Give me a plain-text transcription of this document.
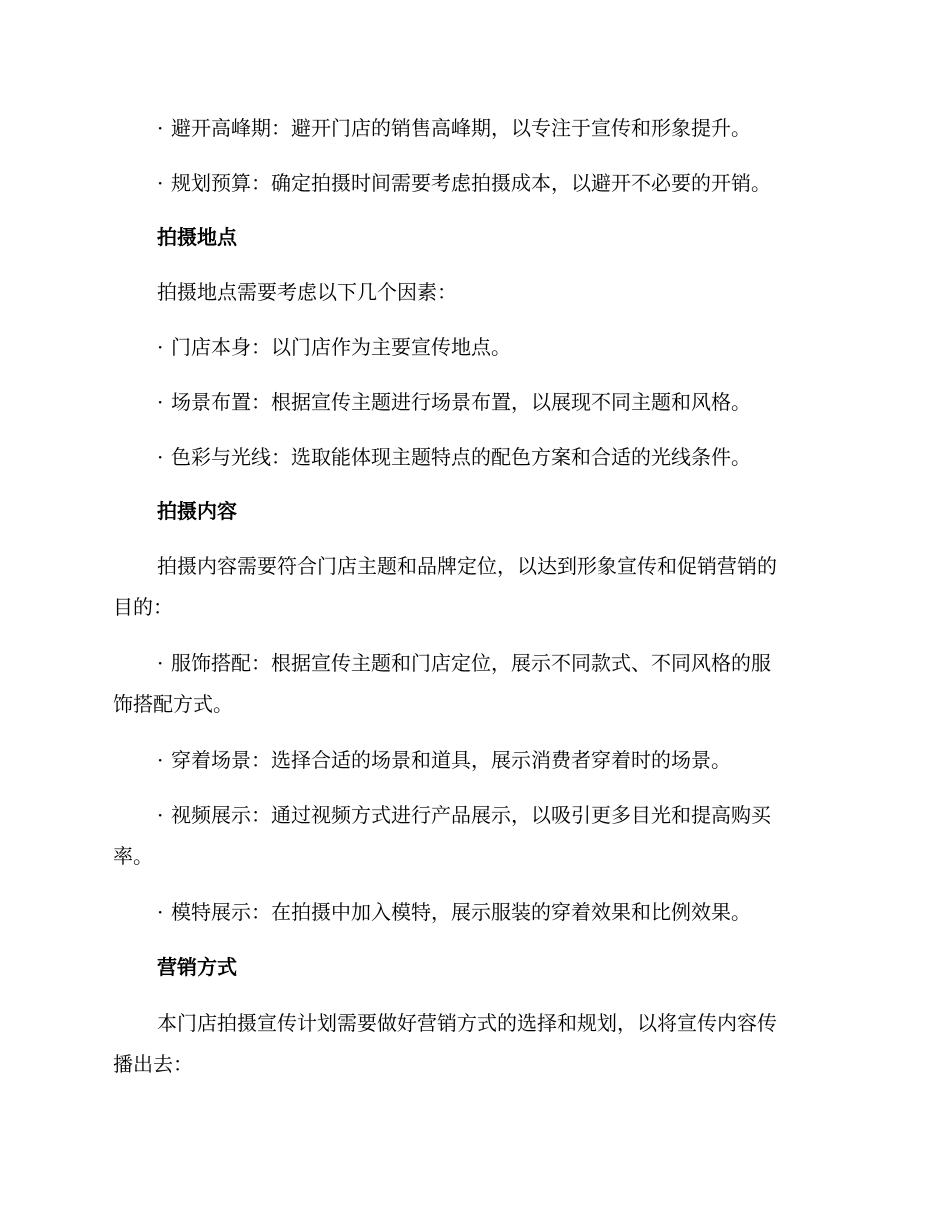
· 避开高峰期：避开门店的销售高峰期，以专注于宣传和形象提升。
· 规划预算：确定拍摄时间需要考虑拍摄成本，以避开不必要的开销。
拍摄地点
拍摄地点需要考虑以下几个因素：
· 门店本身：以门店作为主要宣传地点。
· 场景布置：根据宣传主题进行场景布置，以展现不同主题和风格。
· 色彩与光线：选取能体现主题特点的配色方案和合适的光线条件。
拍摄内容
拍摄内容需要符合门店主题和品牌定位，以达到形象宣传和促销营销的
目的：
· 服饰搭配：根据宣传主题和门店定位，展示不同款式、不同风格的服
饰搭配方式。
· 穿着场景：选择合适的场景和道具，展示消费者穿着时的场景。
· 视频展示：通过视频方式进行产品展示，以吸引更多目光和提高购买
率。
· 模特展示：在拍摄中加入模特，展示服装的穿着效果和比例效果。
营销方式
本门店拍摄宣传计划需要做好营销方式的选择和规划，以将宣传内容传
播出去：
